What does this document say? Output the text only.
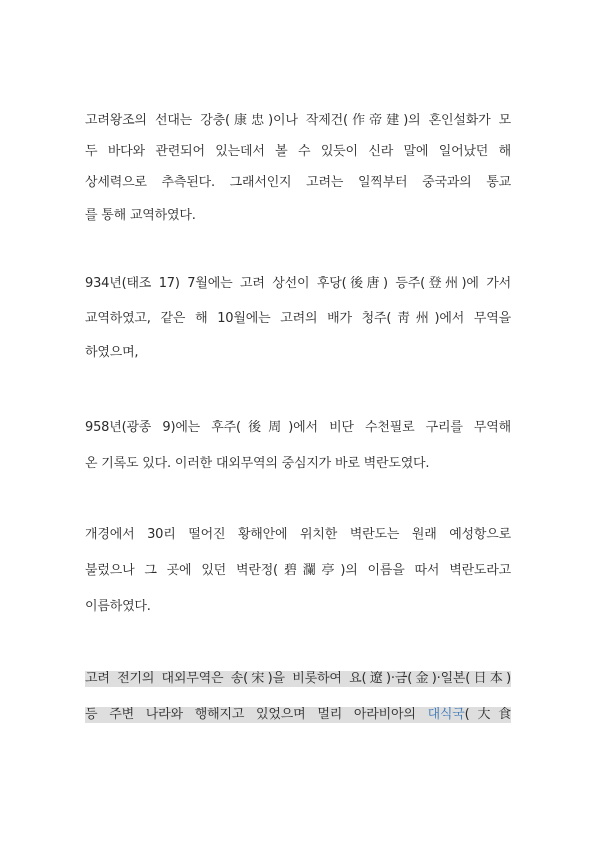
고려왕조의 선대는 강충(康忠)이나 작제건(作帝建)의 혼인설화가 모
두 바다와 관련되어 있는데서 볼 수 있듯이 신라 말에 일어났던 해
상세력으로 추측된다. 그래서인지 고려는 일찍부터 중국과의 통교
를 통해 교역하였다.
934년(태조 17) 7월에는 고려 상선이 후당(後唐) 등주(登州)에 가서
교역하였고, 같은 해 10월에는 고려의 배가 청주(靑州)에서 무역을
하였으며,
958년(광종 9)에는 후주(後周)에서 비단 수천필로 구리를 무역해
온 기록도 있다. 이러한 대외무역의 중심지가 바로 벽란도였다.
개경에서 30리 떨어진 황해안에 위치한 벽란도는 원래 예성항으로
불렀으나 그 곳에 있던 벽란정(碧瀾亭)의 이름을 따서 벽란도라고
이름하였다.
고려 전기의 대외무역은 송(宋)을 비롯하여 요(遼)·금(金)·일본(日本)
등 주변 나라와 행해지고 있었으며 멀리 아라비아의 대식국(大食
